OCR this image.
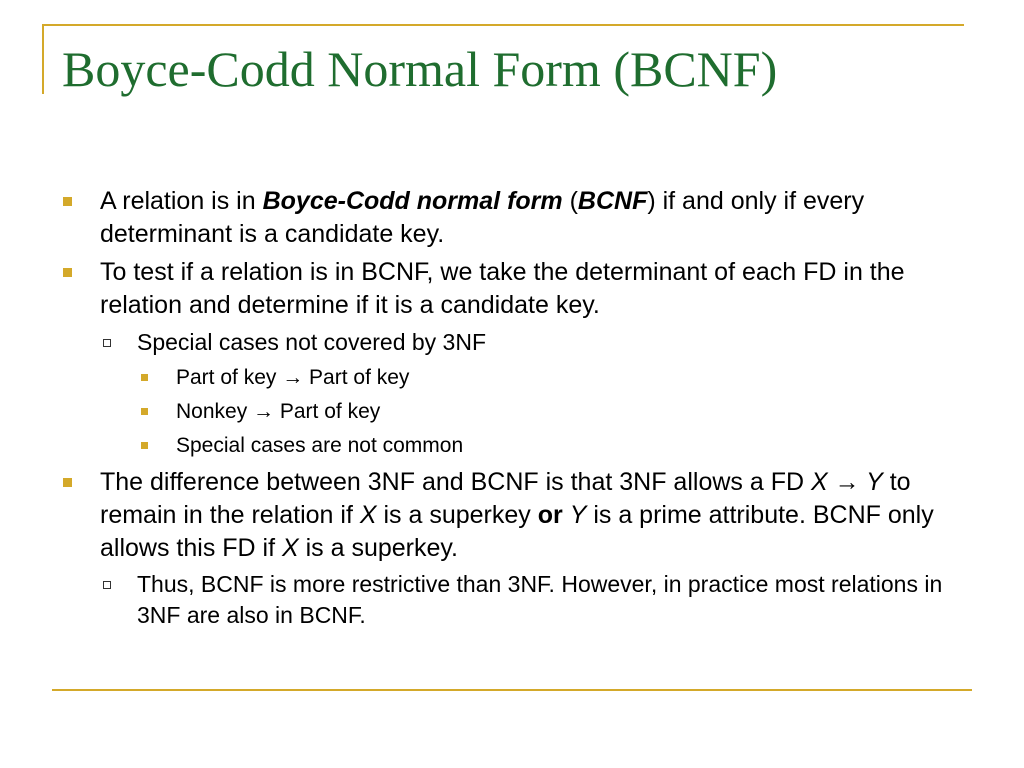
Boyce-Codd Normal Form (BCNF)
A relation is in Boyce-Codd normal form (BCNF) if and only if every determinant is a candidate key.
To test if a relation is in BCNF, we take the determinant of each FD in the relation and determine if it is a candidate key.
Special cases not covered by 3NF
Part of key → Part of key
Nonkey → Part of key
Special cases are not common
The difference between 3NF and BCNF is that 3NF allows a FD X → Y to remain in the relation if X is a superkey or Y is a prime attribute. BCNF only allows this FD if X is a superkey.
Thus, BCNF is more restrictive than 3NF. However, in practice most relations in 3NF are also in BCNF.
